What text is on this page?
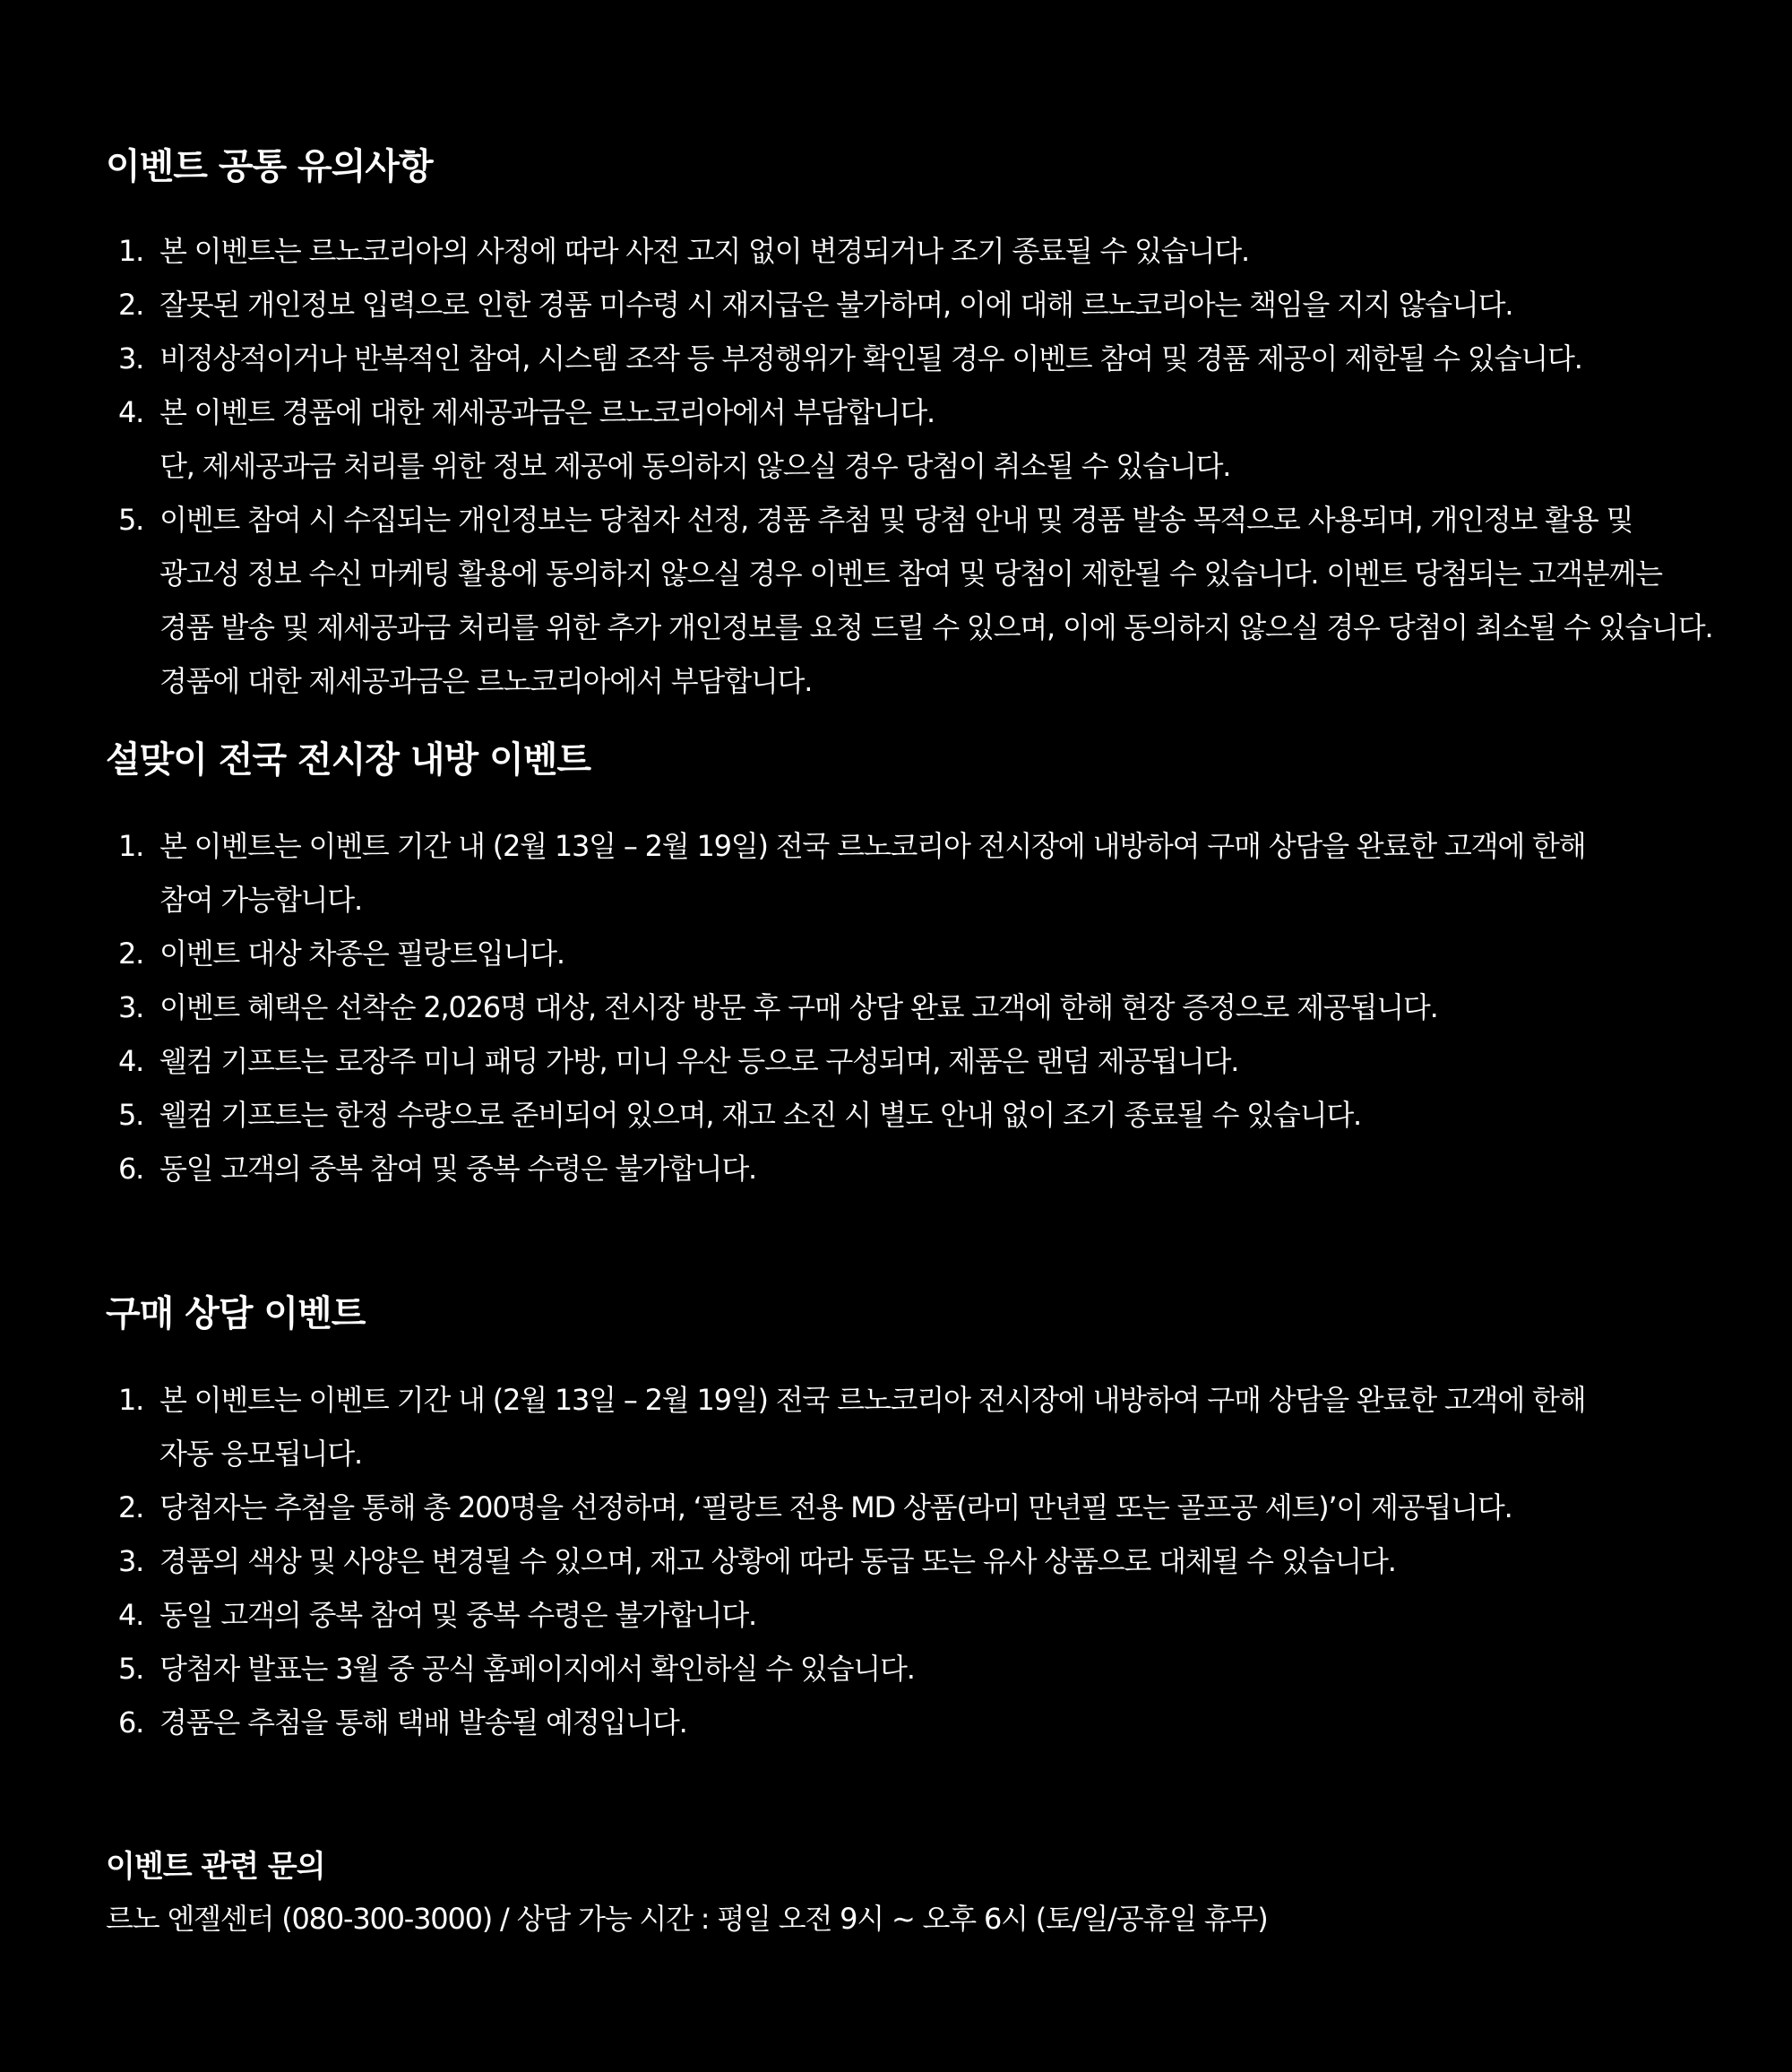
이벤트 공통 유의사항
1. 본 이벤트는 르노코리아의 사정에 따라 사전 고지 없이 변경되거나 조기 종료될 수 있습니다.
2. 잘못된 개인정보 입력으로 인한 경품 미수령 시 재지급은 불가하며, 이에 대해 르노코리아는 책임을 지지 않습니다.
3. 비정상적이거나 반복적인 참여, 시스템 조작 등 부정행위가 확인될 경우 이벤트 참여 및 경품 제공이 제한될 수 있습니다.
4. 본 이벤트 경품에 대한 제세공과금은 르노코리아에서 부담합니다.
단, 제세공과금 처리를 위한 정보 제공에 동의하지 않으실 경우 당첨이 취소될 수 있습니다.
5. 이벤트 참여 시 수집되는 개인정보는 당첨자 선정, 경품 추첨 및 당첨 안내 및 경품 발송 목적으로 사용되며, 개인정보 활용 및
광고성 정보 수신 마케팅 활용에 동의하지 않으실 경우 이벤트 참여 및 당첨이 제한될 수 있습니다. 이벤트 당첨되는 고객분께는
경품 발송 및 제세공과금 처리를 위한 추가 개인정보를 요청 드릴 수 있으며, 이에 동의하지 않으실 경우 당첨이 최소될 수 있습니다.
경품에 대한 제세공과금은 르노코리아에서 부담합니다.
설맞이 전국 전시장 내방 이벤트
1. 본 이벤트는 이벤트 기간 내 (2월 13일 – 2월 19일) 전국 르노코리아 전시장에 내방하여 구매 상담을 완료한 고객에 한해
참여 가능합니다.
2. 이벤트 대상 차종은 필랑트입니다.
3. 이벤트 혜택은 선착순 2,026명 대상, 전시장 방문 후 구매 상담 완료 고객에 한해 현장 증정으로 제공됩니다.
4. 웰컴 기프트는 로장주 미니 패딩 가방, 미니 우산 등으로 구성되며, 제품은 랜덤 제공됩니다.
5. 웰컴 기프트는 한정 수량으로 준비되어 있으며, 재고 소진 시 별도 안내 없이 조기 종료될 수 있습니다.
6. 동일 고객의 중복 참여 및 중복 수령은 불가합니다.
구매 상담 이벤트
1. 본 이벤트는 이벤트 기간 내 (2월 13일 – 2월 19일) 전국 르노코리아 전시장에 내방하여 구매 상담을 완료한 고객에 한해
자동 응모됩니다.
2. 당첨자는 추첨을 통해 총 200명을 선정하며, ‘필랑트 전용 MD 상품(라미 만년필 또는 골프공 세트)’이 제공됩니다.
3. 경품의 색상 및 사양은 변경될 수 있으며, 재고 상황에 따라 동급 또는 유사 상품으로 대체될 수 있습니다.
4. 동일 고객의 중복 참여 및 중복 수령은 불가합니다.
5. 당첨자 발표는 3월 중 공식 홈페이지에서 확인하실 수 있습니다.
6. 경품은 추첨을 통해 택배 발송될 예정입니다.
이벤트 관련 문의

르노 엔젤센터 (080-300-3000) / 상담 가능 시간 : 평일 오전 9시 ~ 오후 6시 (토/일/공휴일 휴무)
